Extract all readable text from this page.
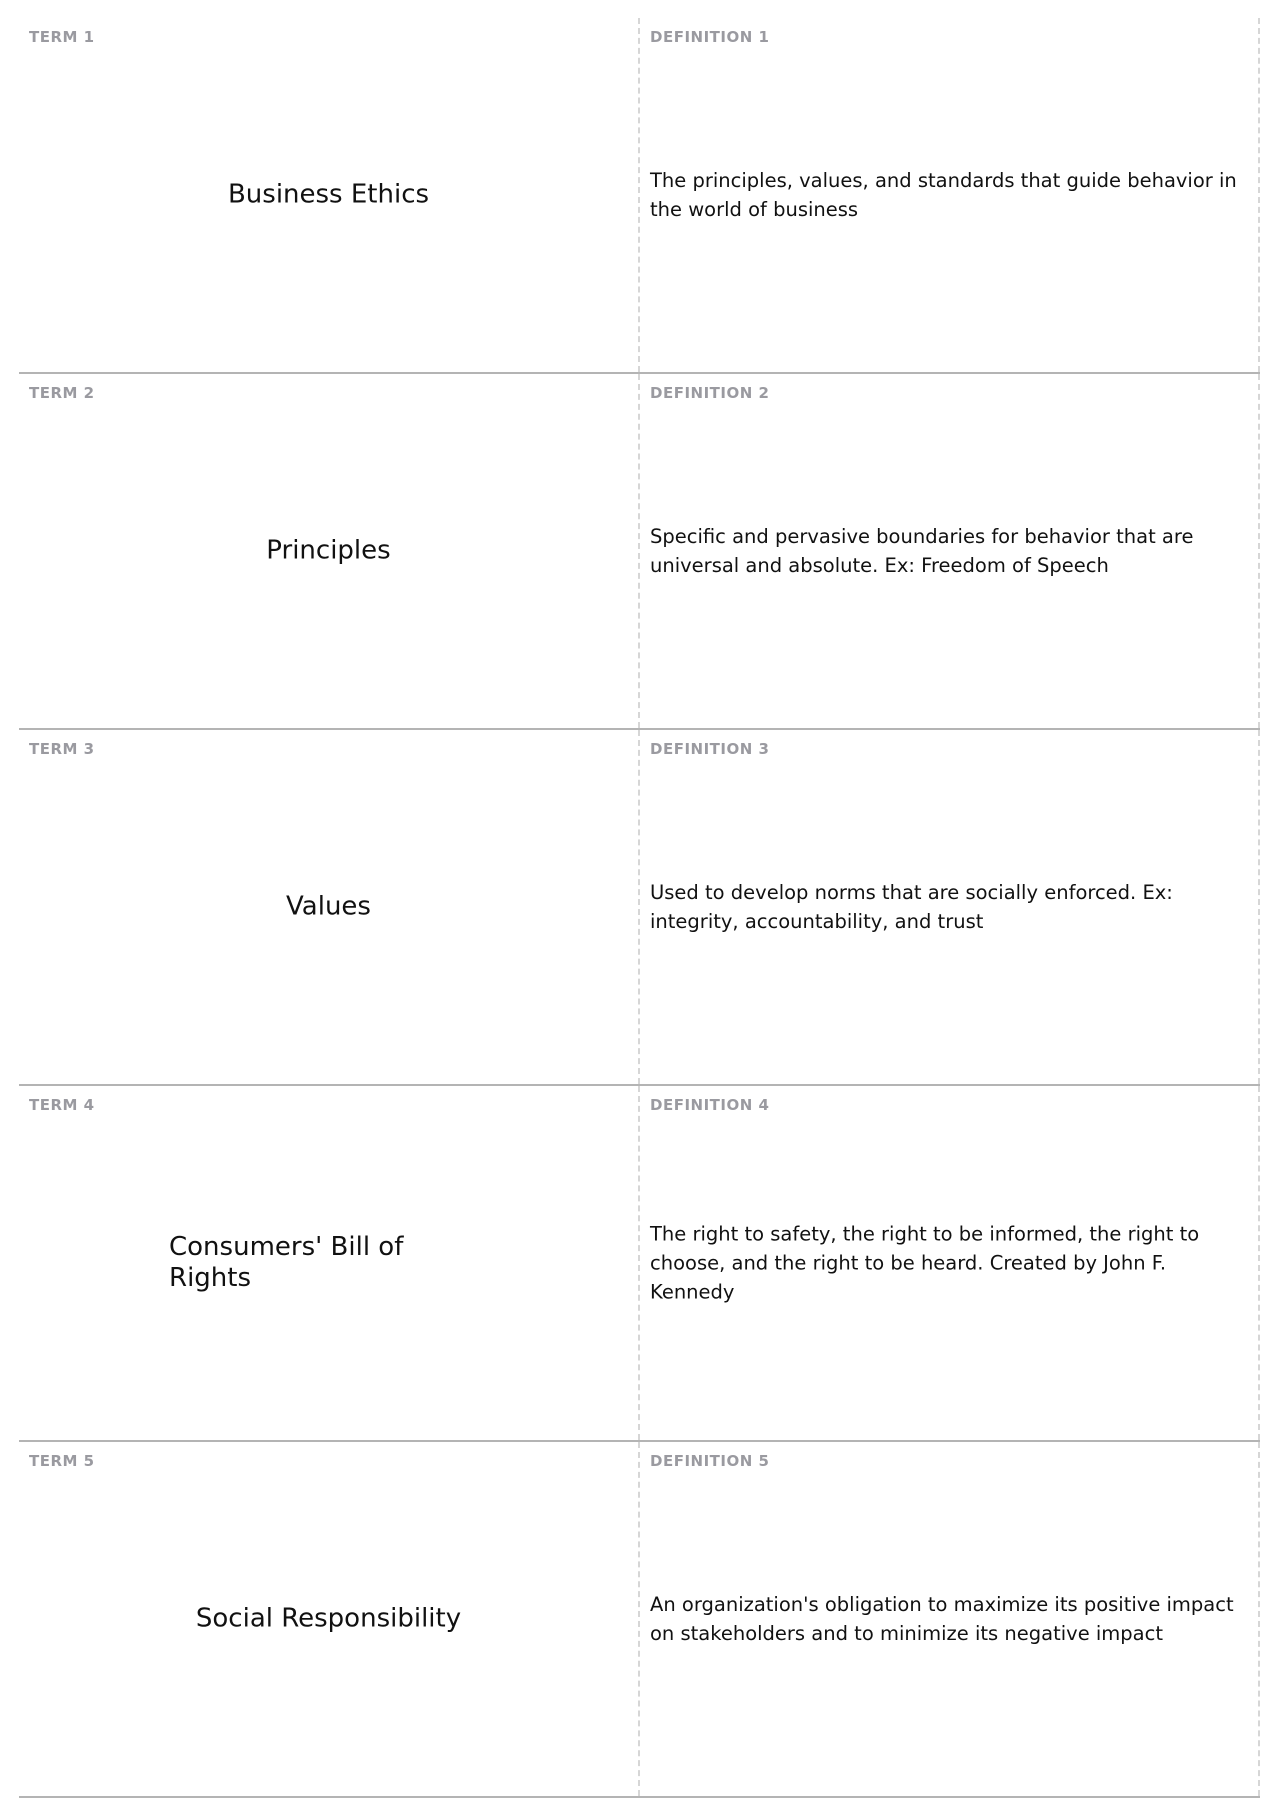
TERM 1
Business Ethics
DEFINITION 1
The principles, values, and standards that guide behavior in the world of business
TERM 2
Principles
DEFINITION 2
Specific and pervasive boundaries for behavior that are universal and absolute. Ex: Freedom of Speech
TERM 3
Values
DEFINITION 3
Used to develop norms that are socially enforced. Ex: integrity, accountability, and trust
TERM 4
Consumers' Bill of Rights
DEFINITION 4
The right to safety, the right to be informed, the right to choose, and the right to be heard. Created by John F. Kennedy
TERM 5
Social Responsibility
DEFINITION 5
An organization's obligation to maximize its positive impact on stakeholders and to minimize its negative impact
